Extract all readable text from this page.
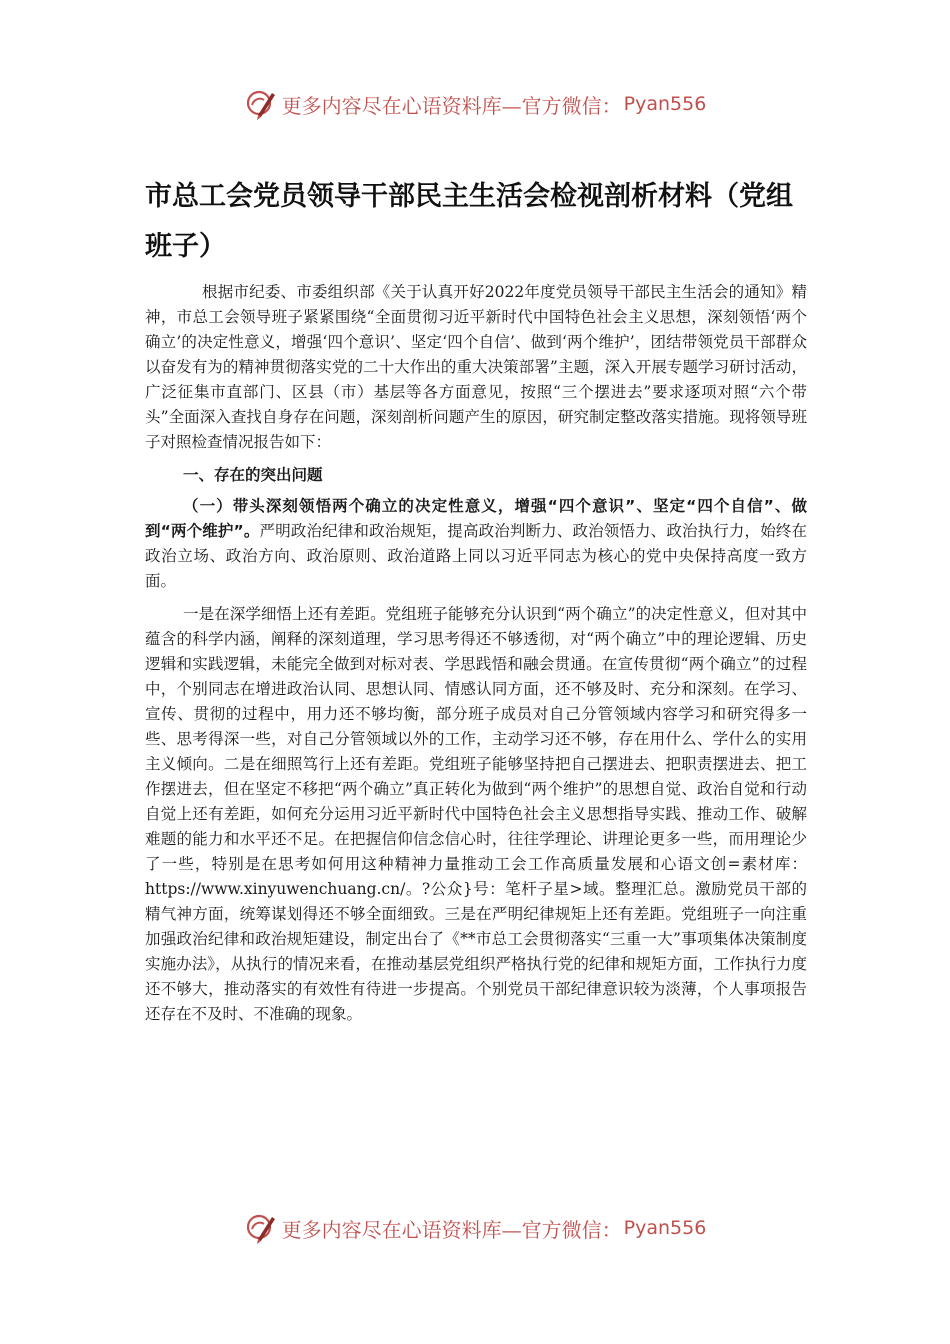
更多内容尽在心语资料库—官方微信： Pyan556
市总工会党员领导干部民主生活会检视剖析材料（党组班子）

根据市纪委、市委组织部《关于认真开好2022年度党员领导干部民主生活会的通知》精神，市总工会领导班子紧紧围绕“全面贯彻习近平新时代中国特色社会主义思想，深刻领悟‘两个确立’的决定性意义，增强‘四个意识’、坚定‘四个自信’、做到‘两个维护’，团结带领党员干部群众以奋发有为的精神贯彻落实党的二十大作出的重大决策部署”主题，深入开展专题学习研讨活动，广泛征集市直部门、区县（市）基层等各方面意见，按照“三个摆进去”要求逐项对照“六个带头”全面深入查找自身存在问题，深刻剖析问题产生的原因，研究制定整改落实措施。现将领导班子对照检查情况报告如下：

一、存在的突出问题

（一）带头深刻领悟两个确立的决定性意义，增强“四个意识”、坚定“四个自信”、做到“两个维护”。严明政治纪律和政治规矩，提高政治判断力、政治领悟力、政治执行力，始终在政治立场、政治方向、政治原则、政治道路上同以习近平同志为核心的党中央保持高度一致方面。

一是在深学细悟上还有差距。党组班子能够充分认识到“两个确立”的决定性意义，但对其中蕴含的科学内涵，阐释的深刻道理，学习思考得还不够透彻，对“两个确立”中的理论逻辑、历史逻辑和实践逻辑，未能完全做到对标对表、学思践悟和融会贯通。在宣传贯彻“两个确立”的过程中，个别同志在增进政治认同、思想认同、情感认同方面，还不够及时、充分和深刻。在学习、宣传、贯彻的过程中，用力还不够均衡，部分班子成员对自己分管领域内容学习和研究得多一些、思考得深一些，对自己分管领域以外的工作，主动学习还不够，存在用什么、学什么的实用主义倾向。二是在细照笃行上还有差距。党组班子能够坚持把自己摆进去、把职责摆进去、把工作摆进去，但在坚定不移把“两个确立”真正转化为做到“两个维护”的思想自觉、政治自觉和行动自觉上还有差距，如何充分运用习近平新时代中国特色社会主义思想指导实践、推动工作、破解难题的能力和水平还不足。在把握信仰信念信心时，往往学理论、讲理论更多一些，而用理论少了一些，特别是在思考如何用这种精神力量推动工会工作高质量发展和心语文创=素材库：https://www.xinyuwenchuang.cn/。?公众}号：笔杆子星>域。整理汇总。激励党员干部的精气神方面，统筹谋划得还不够全面细致。三是在严明纪律规矩上还有差距。党组班子一向注重加强政治纪律和政治规矩建设，制定出台了《**市总工会贯彻落实“三重一大”事项集体决策制度实施办法》，从执行的情况来看，在推动基层党组织严格执行党的纪律和规矩方面，工作执行力度还不够大，推动落实的有效性有待进一步提高。个别党员干部纪律意识较为淡薄，个人事项报告还存在不及时、不准确的现象。

更多内容尽在心语资料库—官方微信： Pyan556
